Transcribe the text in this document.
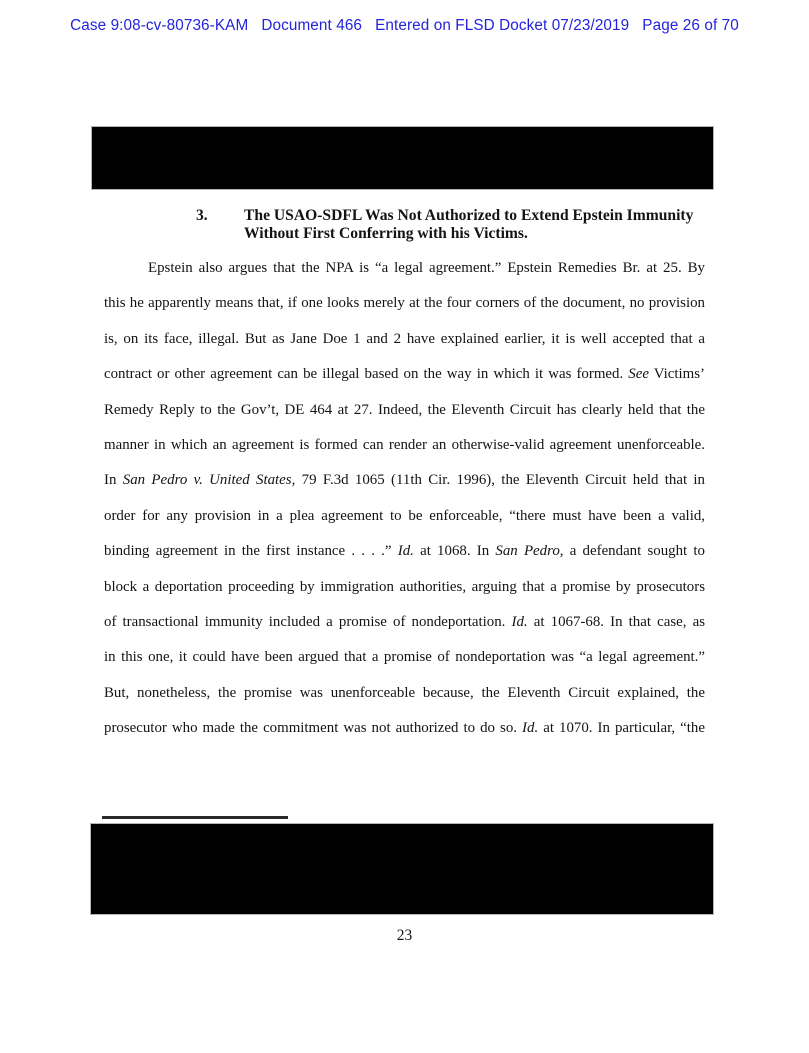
Case 9:08-cv-80736-KAM   Document 466   Entered on FLSD Docket 07/23/2019   Page 26 of 70
3.	The USAO-SDFL Was Not Authorized to Extend Epstein Immunity
Without First Conferring with his Victims.
Epstein also argues that the NPA is “a legal agreement.” Epstein Remedies Br. at 25. By
this he apparently means that, if one looks merely at the four corners of the document, no provision
is, on its face, illegal. But as Jane Doe 1 and 2 have explained earlier, it is well accepted that a
contract or other agreement can be illegal based on the way in which it was formed. See Victims’
Remedy Reply to the Gov’t, DE 464 at 27. Indeed, the Eleventh Circuit has clearly held that the
manner in which an agreement is formed can render an otherwise-valid agreement unenforceable.
In San Pedro v. United States, 79 F.3d 1065 (11th Cir. 1996), the Eleventh Circuit held that in
order for any provision in a plea agreement to be enforceable, “there must have been a valid,
binding agreement in the first instance . . . .” Id. at 1068. In San Pedro, a defendant sought to
block a deportation proceeding by immigration authorities, arguing that a promise by prosecutors
of transactional immunity included a promise of nondeportation. Id. at 1067-68. In that case, as
in this one, it could have been argued that a promise of nondeportation was “a legal agreement.”
But, nonetheless, the promise was unenforceable because, the Eleventh Circuit explained, the
prosecutor who made the commitment was not authorized to do so. Id. at 1070. In particular, “the
23
